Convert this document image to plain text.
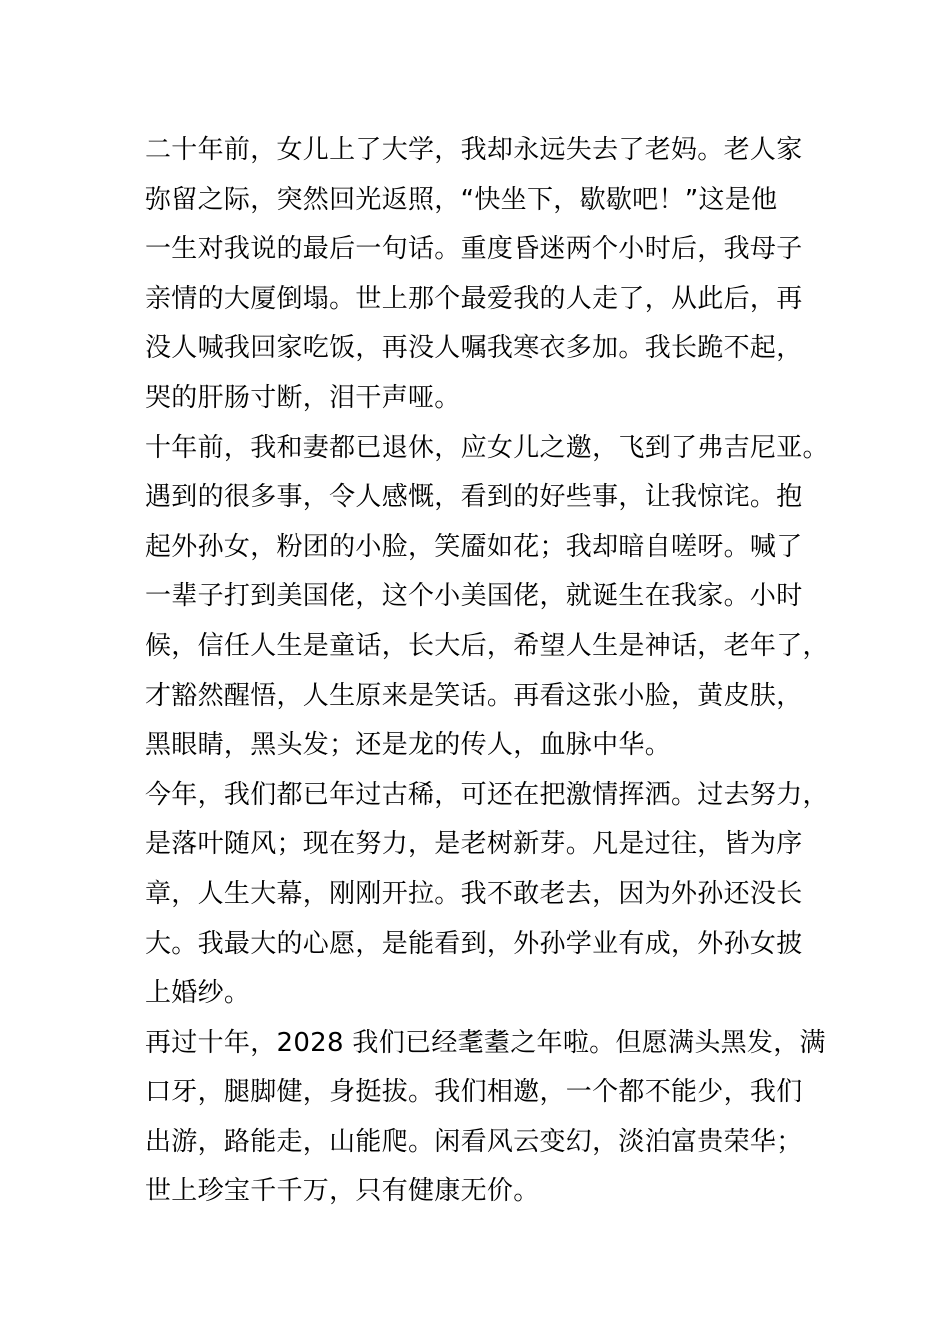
二十年前，女儿上了大学，我却永远失去了老妈。老人家
弥留之际，突然回光返照，“快坐下，歇歇吧！”这是他
一生对我说的最后一句话。重度昏迷两个小时后，我母子
亲情的大厦倒塌。世上那个最爱我的人走了，从此后，再
没人喊我回家吃饭，再没人嘱我寒衣多加。我长跪不起，
哭的肝肠寸断，泪干声哑。
十年前，我和妻都已退休，应女儿之邀，飞到了弗吉尼亚。
遇到的很多事，令人感慨，看到的好些事，让我惊诧。抱
起外孙女，粉团的小脸，笑靥如花；我却暗自嗟呀。喊了
一辈子打到美国佬，这个小美国佬，就诞生在我家。小时
候，信任人生是童话，长大后，希望人生是神话，老年了，
才豁然醒悟，人生原来是笑话。再看这张小脸，黄皮肤，
黑眼睛，黑头发；还是龙的传人，血脉中华。
今年，我们都已年过古稀，可还在把激情挥洒。过去努力，
是落叶随风；现在努力，是老树新芽。凡是过往，皆为序
章，人生大幕，刚刚开拉。我不敢老去，因为外孙还没长
大。我最大的心愿，是能看到，外孙学业有成，外孙女披
上婚纱。
再过十年，2028 我们已经耄耋之年啦。但愿满头黑发，满
口牙，腿脚健，身挺拔。我们相邀，一个都不能少，我们
出游，路能走，山能爬。闲看风云变幻，淡泊富贵荣华；
世上珍宝千千万，只有健康无价。
